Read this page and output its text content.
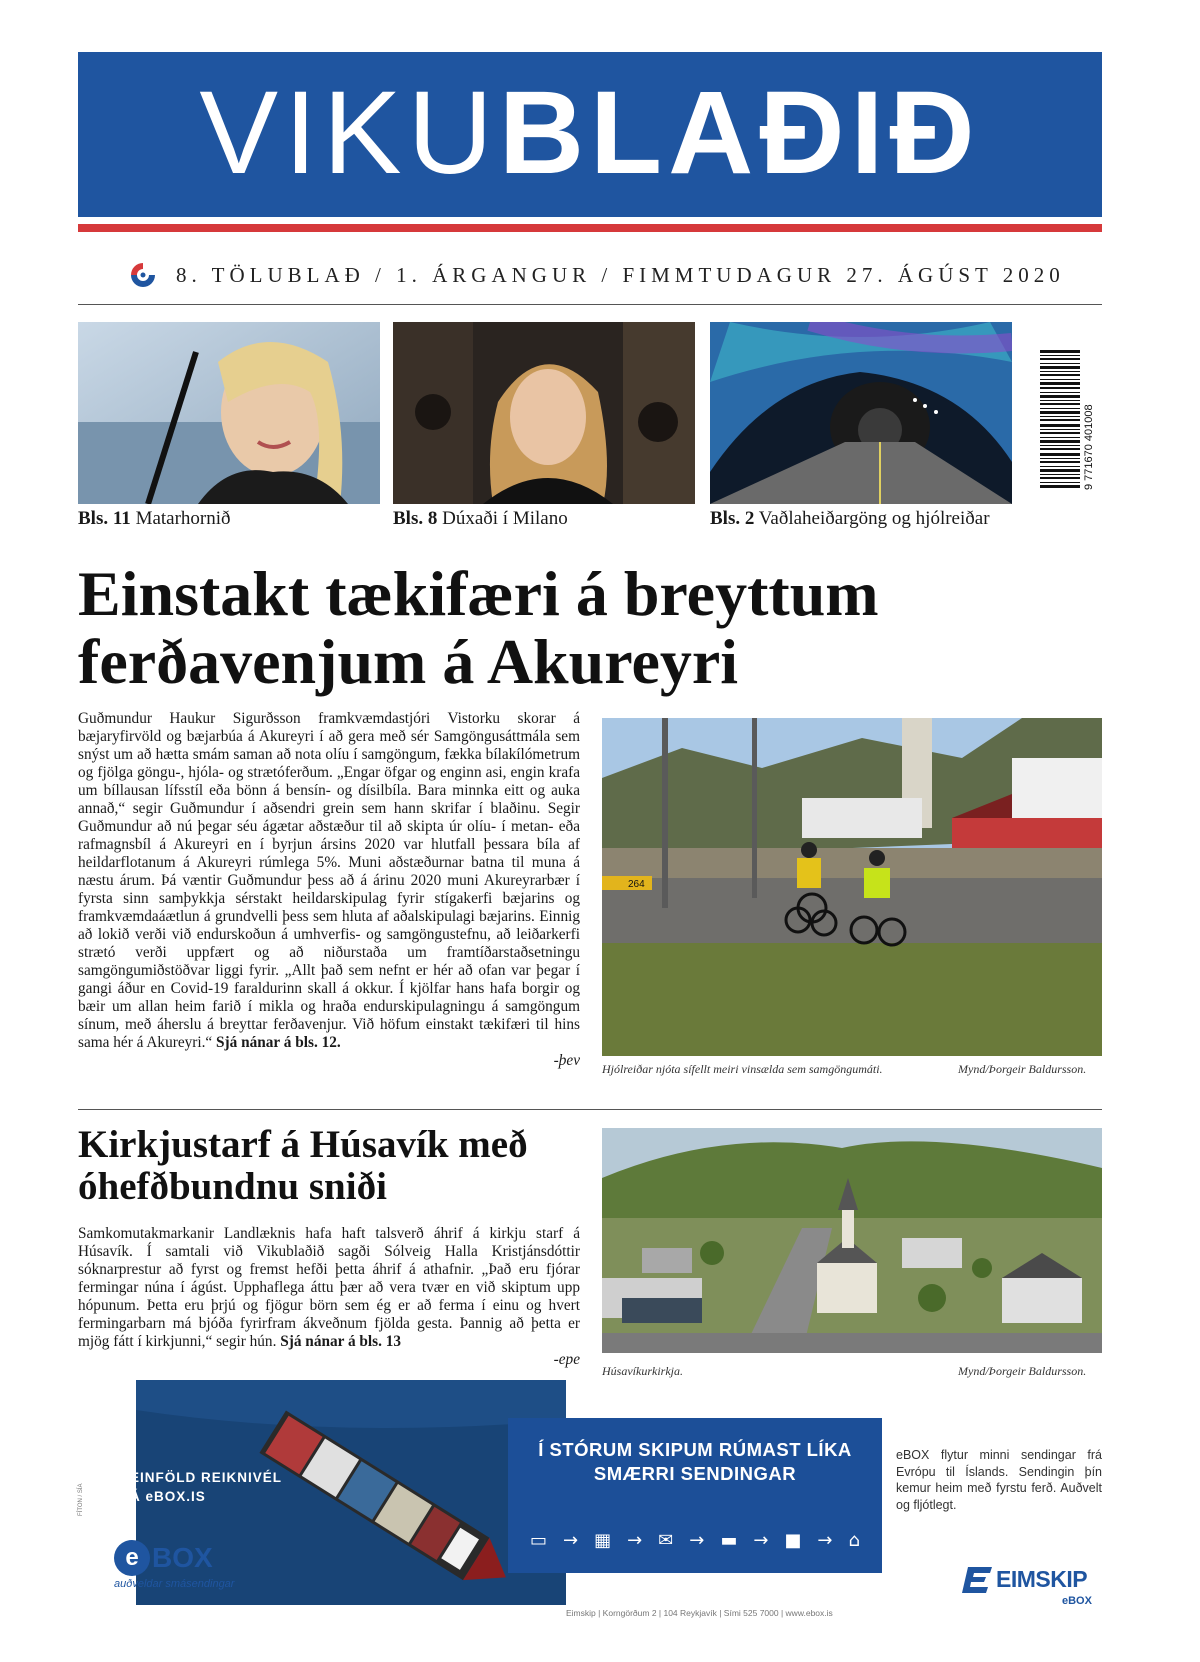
VIKUBLAÐIÐ
8. TÖLUBLAÐ / 1. ÁRGANGUR / FIMMTUDAGUR 27. ÁGÚST 2020
Bls. 11 Matarhornið	Bls. 8 Dúxaði í Milano	Bls. 2 Vaðlaheiðargöng og hjólreiðar
9 771670 401008
Einstakt tækifæri á breyttum ferðavenjum á Akureyri

Guðmundur Haukur Sigurðsson framkvæmdastjóri Vistorku skorar á bæjaryfirvöld og bæjarbúa á Akureyri í að gera með sér Samgöngusáttmála sem snýst um að hætta smám saman að nota olíu í samgöngum, fækka bílakílómetrum og fjölga göngu-, hjóla- og strætóferðum. „Engar öfgar og enginn asi, engin krafa um bíllausan lífsstíl eða bönn á bensín- og dísilbíla. Bara minnka eitt og auka annað,“ segir Guðmundur í aðsendri grein sem hann skrifar í blaðinu. Segir Guðmundur að nú þegar séu ágætar aðstæður til að skipta úr olíu- í metan- eða rafmagnsbíl á Akureyri en í byrjun ársins 2020 var hlutfall þessara bíla af heildarflotanum á Akureyri rúmlega 5%. Muni aðstæðurnar batna til muna á næstu árum. Þá væntir Guðmundur þess að á árinu 2020 muni Akureyrarbær í fyrsta sinn samþykkja sérstakt heildarskipulag fyrir stígakerfi bæjarins og framkvæmdaáætlun á grundvelli þess sem hluta af aðalskipulagi bæjarins. Einnig að lokið verði við endurskoðun á umhverfis- og samgöngustefnu, að leiðarkerfi strætó verði uppfært og að niðurstaða um framtíðarstaðsetningu samgöngumiðstöðvar liggi fyrir. „Allt það sem nefnt er hér að ofan var þegar í gangi áður en Covid-19 faraldurinn skall á okkur. Í kjölfar hans hafa borgir og bæir um allan heim farið í mikla og hraða endurskipulagningu á samgöngum sínum, með áherslu á breyttar ferðavenjur. Við höfum einstakt tækifæri til hins sama hér á Akureyri.“ Sjá nánar á bls. 12.

-þev

264
Hjólreiðar njóta sífellt meiri vinsælda sem samgöngumáti.	Mynd/Þorgeir Baldursson.
Kirkjustarf á Húsavík með óhefðbundnu sniði

Samkomutakmarkanir Landlæknis hafa haft talsverð áhrif á kirkju starf á Húsavík. Í samtali við Vikublaðið sagði Sólveig Halla Kristjánsdóttir sóknarprestur að fyrst og fremst hefði þetta áhrif á athafnir. „Það eru fjórar fermingar núna í ágúst. Upphaflega áttu þær að vera tvær en við skiptum upp hópunum. Þetta eru þrjú og fjögur börn sem ég er að ferma í einu og hvert fermingarbarn má bjóða fyrirfram ákveðnum fjölda gesta. Þannig að þetta er mjög fátt í kirkjunni,“ segir hún. Sjá nánar á bls. 13

-epe

Húsavíkurkirkja.	Mynd/Þorgeir Baldursson.
FÍTON / SÍA
EINFÖLD REIKNIVÉL
Á eBOX.IS
Í STÓRUM SKIPUM RÚMAST LÍKA
SMÆRRI SENDINGAR
▭ → ▦ → ✉ → ▬ → ■ → ⌂
eBOX flytur minni sendingar frá Evrópu til Íslands. Sendingin þín kemur heim með fyrstu ferð. Auðvelt og fljótlegt.
e BOX
auðveldar smásendingar
Eimskip | Korngörðum 2 | 104 Reykjavík | Sími 525 7000 | www.ebox.is
EIMSKIP
eBOX
